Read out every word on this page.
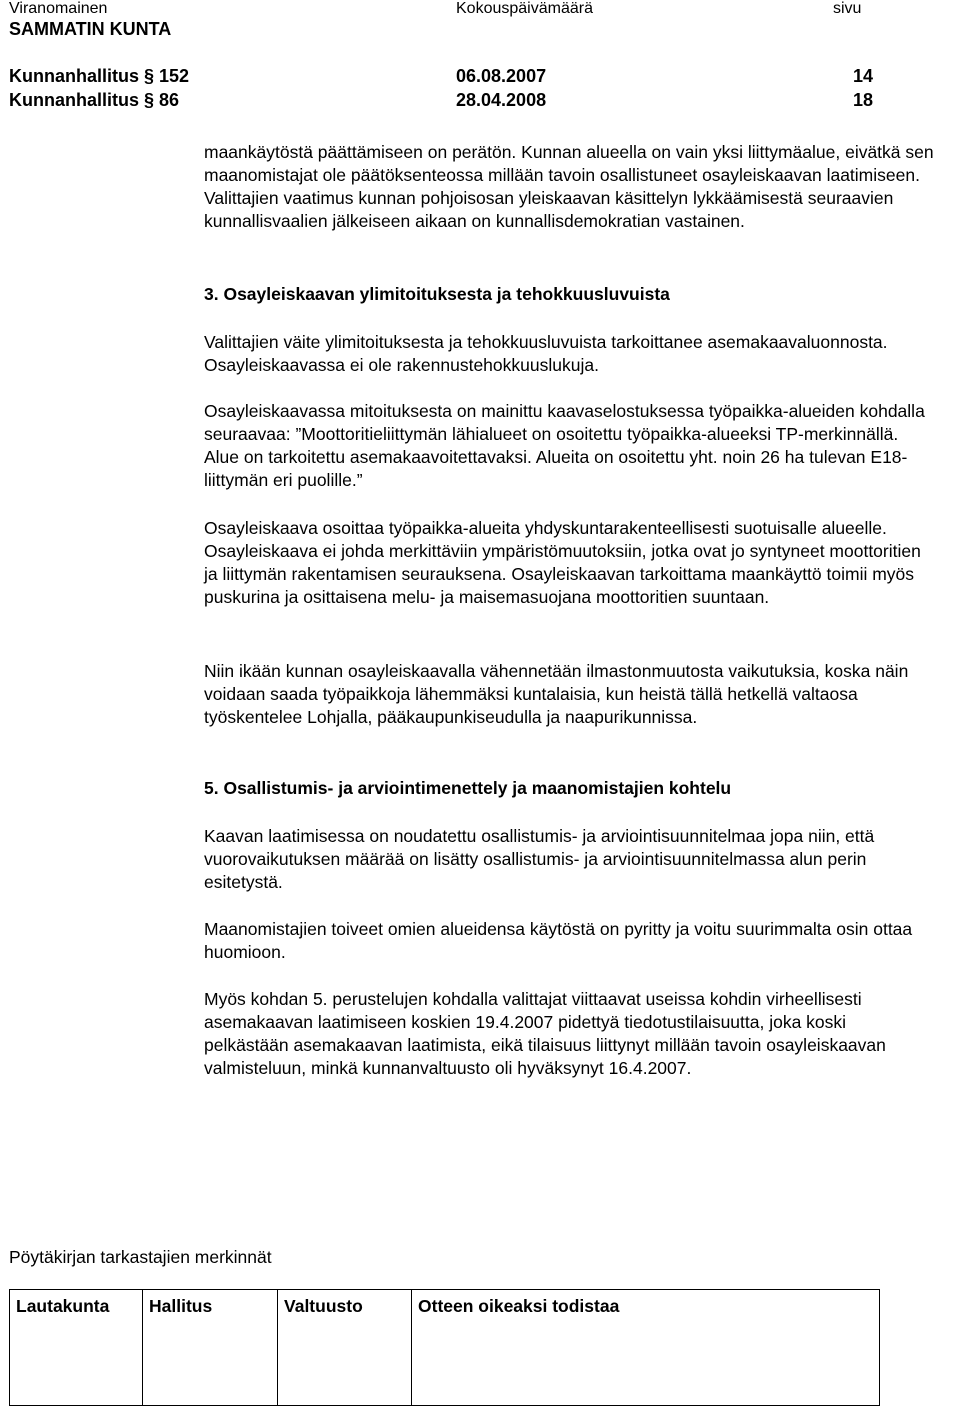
Viranomainen	Kokouspäivämäärä	sivu
SAMMATIN KUNTA
Kunnanhallitus § 152	06.08.2007	14
Kunnanhallitus § 86	28.04.2008	18

maankäytöstä päättämiseen on perätön. Kunnan alueella on vain yksi liittymäalue, eivätkä sen maanomistajat ole päätöksenteossa millään tavoin osallistuneet osayleiskaavan laatimiseen.

Valittajien vaatimus kunnan pohjoisosan yleiskaavan käsittelyn lykkäämisestä seuraavien kunnallisvaalien jälkeiseen aikaan on kunnallisdemokratian vastainen.

3. Osayleiskaavan ylimitoituksesta ja tehokkuusluvuista
Valittajien väite ylimitoituksesta ja tehokkuusluvuista tarkoittanee asemakaavaluonnosta. Osayleiskaavassa ei ole rakennustehokkuuslukuja.
Osayleiskaavassa mitoituksesta on mainittu kaavaselostuksessa työpaikka-alueiden kohdalla seuraavaa: ”Moottoritieliittymän lähialueet on osoitettu työpaikka-alueeksi TP-merkinnällä. Alue on tarkoitettu asemakaavoitettavaksi. Alueita on osoitettu yht. noin 26 ha tulevan E18-liittymän eri puolille.”
Osayleiskaava osoittaa työpaikka-alueita yhdyskuntarakenteellisesti suotuisalle alueelle. Osayleiskaava ei johda merkittäviin ympäristömuutoksiin, jotka ovat jo syntyneet moottoritien ja liittymän rakentamisen seurauksena. Osayleiskaavan tarkoittama maankäyttö toimii myös puskurina ja osittaisena melu- ja maisemasuojana moottoritien suuntaan.
Niin ikään kunnan osayleiskaavalla vähennetään ilmastonmuutosta vaikutuksia, koska näin voidaan saada työpaikkoja lähemmäksi kuntalaisia, kun heistä tällä hetkellä valtaosa työskentelee Lohjalla, pääkaupunkiseudulla ja naapurikunnissa.
5. Osallistumis- ja arviointimenettely ja maanomistajien kohtelu
Kaavan laatimisessa on noudatettu osallistumis- ja arviointisuunnitelmaa jopa niin, että vuorovaikutuksen määrää on lisätty osallistumis- ja arviointisuunnitelmassa alun perin esitetystä.
Maanomistajien toiveet omien alueidensa käytöstä on pyritty ja voitu suurimmalta osin ottaa huomioon.
Myös kohdan 5. perustelujen kohdalla valittajat viittaavat useissa kohdin virheellisesti asemakaavan laatimiseen koskien 19.4.2007 pidettyä tiedotustilaisuutta, joka koski pelkästään asemakaavan laatimista, eikä tilaisuus liittynyt millään tavoin osayleiskaavan valmisteluun, minkä kunnanvaltuusto oli hyväksynyt 16.4.2007.
Pöytäkirjan tarkastajien merkinnät
Lautakunta	Hallitus	Valtuusto	Otteen oikeaksi todistaa
